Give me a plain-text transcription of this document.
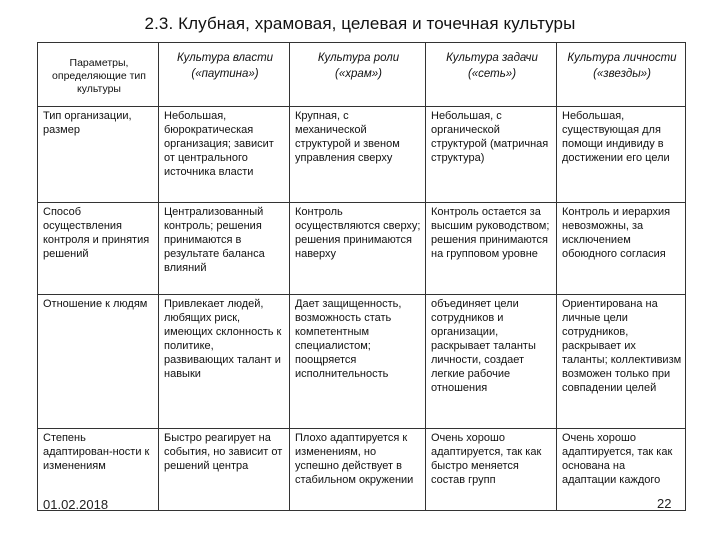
2.3. Клубная, храмовая, целевая и точечная культуры
Параметры, определяющие тип культуры	Культура власти («паутина»)	Культура роли («храм»)	Культура задачи («сеть»)	Культура личности («звезды»)
Тип организации, размер	Небольшая, бюрократическая организация; зависит от центрального источника власти	Крупная, с механической структурой и звеном управления сверху	Небольшая, с органической структурой (матричная структура)	Небольшая, существующая для помощи индивиду в достижении его цели
Способ осуществления контроля и принятия решений	Централизованный контроль; решения принимаются в результате баланса влияний	Контроль осуществляются сверху; решения принимаются наверху	Контроль остается за высшим руководством; решения принимаются на групповом уровне	Контроль и иерархия невозможны, за исключением обоюдного согласия
Отношение к людям	Привлекает людей, любящих риск, имеющих склонность к политике, развивающих талант и навыки	Дает защищенность, возможность стать компетентным специалистом; поощряется исполнительность	объединяет цели сотрудников и организации, раскрывает таланты личности, создает легкие рабочие отношения	Ориентирована на личные цели сотрудников, раскрывает их таланты; коллективизм возможен только при совпадении целей
Степень адаптирован-ности к изменениям	Быстро реагирует на события, но зависит от решений центра	Плохо адаптируется к изменениям, но успешно действует в стабильном окружении	Очень хорошо адаптируется, так как быстро меняется состав групп	Очень хорошо адаптируется, так как основана на адаптации каждого
01.02.2018	22
